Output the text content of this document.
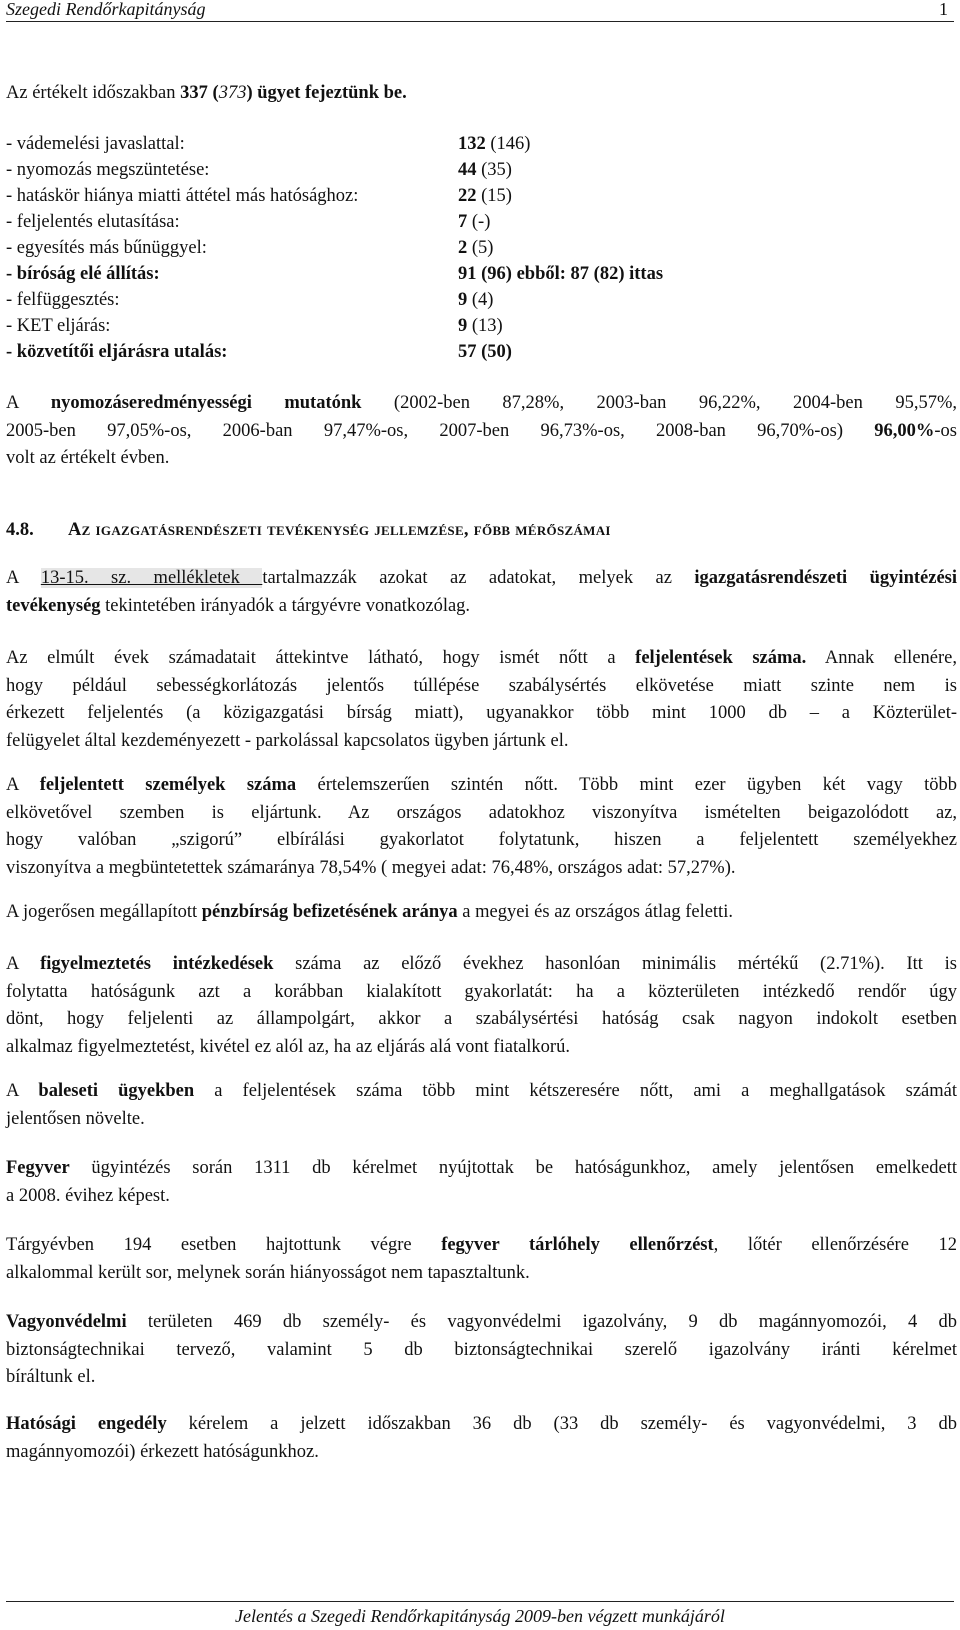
Szegedi Rendőrkapitányság	1

Az értékelt időszakban 337 (373) ügyet fejeztünk be.

- vádemelési javaslattal:	132 (146)
- nyomozás megszüntetése:	44 (35)
- hatáskör hiánya miatti áttétel más hatósághoz:	22 (15)
- feljelentés elutasítása:	7 (-)
- egyesítés más bűnüggyel:	2 (5)
- bíróság elé állítás:	91 (96) ebből: 87 (82) ittas
- felfüggesztés:	9 (4)
- KET eljárás:	9 (13)
- közvetítői eljárásra utalás:	57 (50)
A nyomozáseredményességi mutatónk (2002-ben 87,28%, 2003-ban 96,22%, 2004-ben 95,57%,
2005-ben 97,05%-os, 2006-ban 97,47%-os, 2007-ben 96,73%-os, 2008-ban 96,70%-os) 96,00%-os
volt az értékelt évben.
4.8. Az igazgatásrendészeti tevékenység jellemzése, főbb mérőszámai
A 13-15. sz. mellékletek tartalmazzák azokat az adatokat, melyek az igazgatásrendészeti ügyintézési
tevékenység tekintetében irányadók a tárgyévre vonatkozólag.
Az elmúlt évek számadatait áttekintve látható, hogy ismét nőtt a feljelentések száma. Annak ellenére,
hogy például sebességkorlátozás jelentős túllépése szabálysértés elkövetése miatt szinte nem is
érkezett feljelentés (a közigazgatási bírság miatt), ugyanakkor több mint 1000 db – a Közterület-
felügyelet által kezdeményezett - parkolással kapcsolatos ügyben jártunk el.
A feljelentett személyek száma értelemszerűen szintén nőtt. Több mint ezer ügyben két vagy több
elkövetővel szemben is eljártunk. Az országos adatokhoz viszonyítva ismételten beigazolódott az,
hogy valóban „szigorú” elbírálási gyakorlatot folytatunk, hiszen a feljelentett személyekhez
viszonyítva a megbüntetettek számaránya 78,54% ( megyei adat: 76,48%, országos adat: 57,27%).
A jogerősen megállapított pénzbírság befizetésének aránya a megyei és az országos átlag feletti.
A figyelmeztetés intézkedések száma az előző évekhez hasonlóan minimális mértékű (2.71%). Itt is
folytatta hatóságunk azt a korábban kialakított gyakorlatát: ha a közterületen intézkedő rendőr úgy
dönt, hogy feljelenti az állampolgárt, akkor a szabálysértési hatóság csak nagyon indokolt esetben
alkalmaz figyelmeztetést, kivétel ez alól az, ha az eljárás alá vont fiatalkorú.
A baleseti ügyekben a feljelentések száma több mint kétszeresére nőtt, ami a meghallgatások számát
jelentősen növelte.
Fegyver ügyintézés során 1311 db kérelmet nyújtottak be hatóságunkhoz, amely jelentősen emelkedett
a 2008. évihez képest.
Tárgyévben 194 esetben hajtottunk végre fegyver tárlóhely ellenőrzést, lőtér ellenőrzésére 12
alkalommal került sor, melynek során hiányosságot nem tapasztaltunk.
Vagyonvédelmi területen 469 db személy- és vagyonvédelmi igazolvány, 9 db magánnyomozói, 4 db
biztonságtechnikai tervező, valamint 5 db biztonságtechnikai szerelő igazolvány iránti kérelmet
bíráltunk el.
Hatósági engedély kérelem a jelzett időszakban 36 db (33 db személy- és vagyonvédelmi, 3 db
magánnyomozói) érkezett hatóságunkhoz.
Jelentés a Szegedi Rendőrkapitányság 2009-ben végzett munkájáról
